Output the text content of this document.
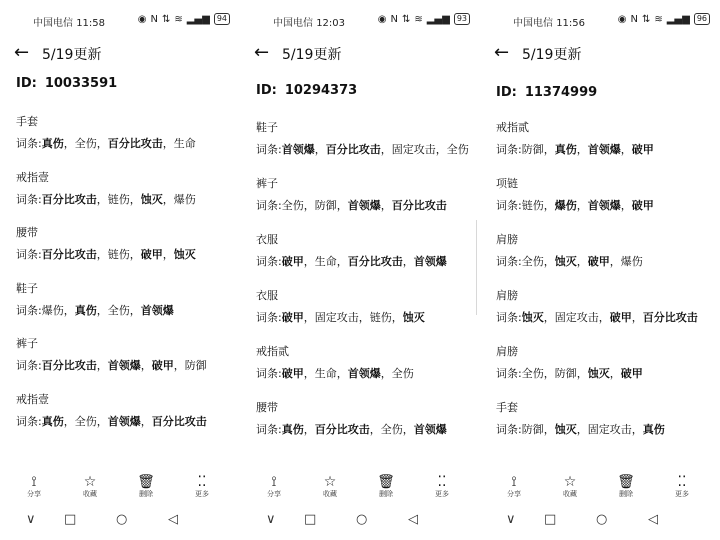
中国电信 11:58	◉ N ⇅ ≋ ▂▄▆ 94
← 5/19更新
ID: 10033591
手套
词条:真伤，全伤，百分比攻击，生命
戒指壹
词条:百分比攻击，链伤，蚀灭，爆伤
腰带
词条:百分比攻击，链伤，破甲，蚀灭
鞋子
词条:爆伤，真伤，全伤，首领爆
裤子
词条:百分比攻击，首领爆，破甲，防御
戒指壹
词条:真伤，全伤，首领爆，百分比攻击
⟟
分享
☆
收藏
🗑
删除
⁚⁚
更多
∨ □	○	◁
中国电信 12:03	◉ N ⇅ ≋ ▂▄▆ 93
← 5/19更新
ID: 10294373
鞋子
词条:首领爆，百分比攻击，固定攻击，全伤
裤子
词条:全伤，防御，首领爆，百分比攻击
衣服
词条:破甲，生命，百分比攻击，首领爆
衣服
词条:破甲，固定攻击，链伤，蚀灭
戒指贰
词条:破甲，生命，首领爆，全伤
腰带
词条:真伤，百分比攻击，全伤，首领爆
⟟
分享
☆
收藏
🗑
删除
⁚⁚
更多
∨ □	○	◁
中国电信 11:56	◉ N ⇅ ≋ ▂▄▆ 96
← 5/19更新
ID: 11374999
戒指贰
词条:防御，真伤，首领爆，破甲
项链
词条:链伤，爆伤，首领爆，破甲
肩膀
词条:全伤，蚀灭，破甲，爆伤
肩膀
词条:蚀灭，固定攻击，破甲，百分比攻击
肩膀
词条:全伤，防御，蚀灭，破甲
手套
词条:防御，蚀灭，固定攻击，真伤
⟟
分享
☆
收藏
🗑
删除
⁚⁚
更多
∨ □	○	◁
